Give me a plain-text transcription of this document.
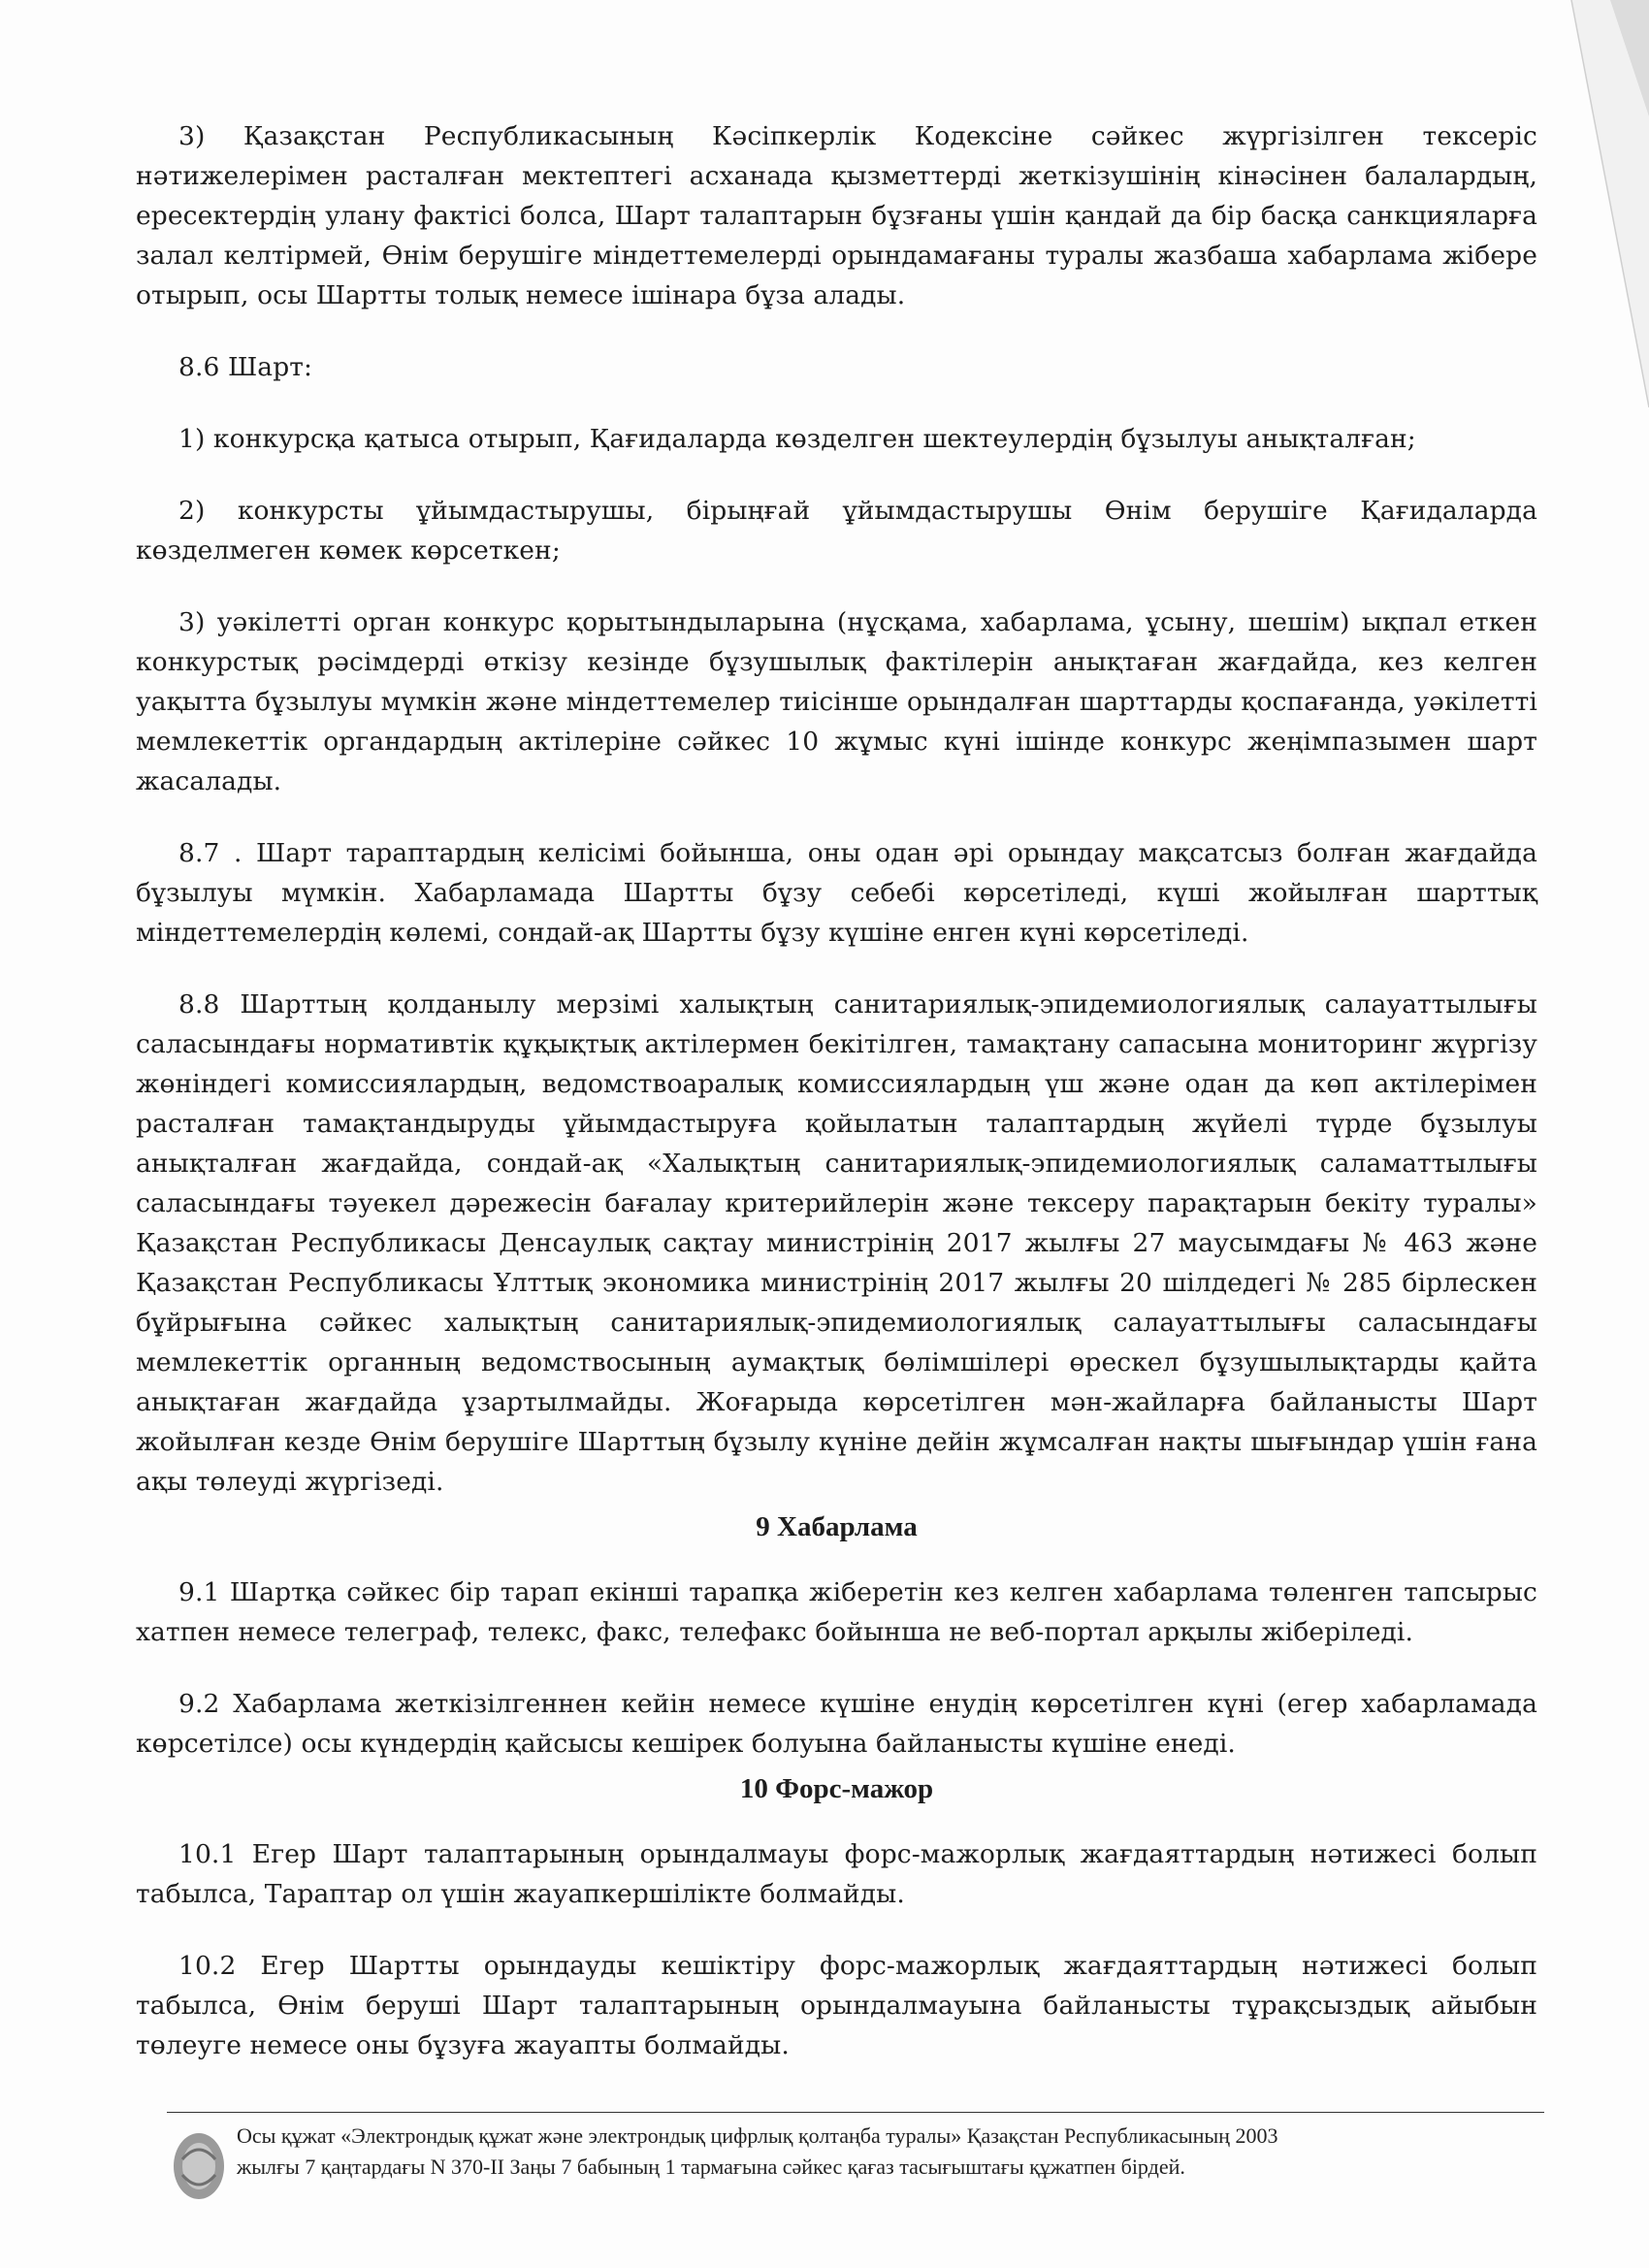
3) Қазақстан Республикасының Кәсіпкерлік Кодексіне сәйкес жүргізілген тексеріс нәтижелерімен расталған мектептегі асханада қызметтерді жеткізушінің кінәсінен балалардың, ересектердің улану фактісі болса, Шарт талаптарын бұзғаны үшін қандай да бір басқа санкцияларға залал келтірмей, Өнім берушіге міндеттемелерді орындамағаны туралы жазбаша хабарлама жібере отырып, осы Шартты толық немесе ішінара бұза алады.

8.6 Шарт:

1) конкурсқа қатыса отырып, Қағидаларда көзделген шектеулердің бұзылуы анықталған;

2) конкурсты ұйымдастырушы, бірыңғай ұйымдастырушы Өнім берушіге Қағидаларда көзделмеген көмек көрсеткен;

3) уәкілетті орган конкурс қорытындыларына (нұсқама, хабарлама, ұсыну, шешім) ықпал еткен конкурстық рәсімдерді өткізу кезінде бұзушылық фактілерін анықтаған жағдайда, кез келген уақытта бұзылуы мүмкін және міндеттемелер тиісінше орындалған шарттарды қоспағанда, уәкілетті мемлекеттік органдардың актілеріне сәйкес 10 жұмыс күні ішінде конкурс жеңімпазымен шарт жасалады.

8.7 . Шарт тараптардың келісімі бойынша, оны одан әрі орындау мақсатсыз болған жағдайда бұзылуы мүмкін. Хабарламада Шартты бұзу себебі көрсетіледі, күші жойылған шарттық міндеттемелердің көлемі, сондай-ақ Шартты бұзу күшіне енген күні көрсетіледі.

8.8 Шарттың қолданылу мерзімі халықтың санитариялық-эпидемиологиялық салауаттылығы саласындағы нормативтік құқықтық актілермен бекітілген, тамақтану сапасына мониторинг жүргізу жөніндегі комиссиялардың, ведомствоаралық комиссиялардың үш және одан да көп актілерімен расталған тамақтандыруды ұйымдастыруға қойылатын талаптардың жүйелі түрде бұзылуы анықталған жағдайда, сондай-ақ «Халықтың санитариялық-эпидемиологиялық саламаттылығы саласындағы тәуекел дәрежесін бағалау критерийлерін және тексеру парақтарын бекіту туралы» Қазақстан Республикасы Денсаулық сақтау министрінің 2017 жылғы 27 маусымдағы № 463 және Қазақстан Республикасы Ұлттық экономика министрінің 2017 жылғы 20 шілдедегі № 285 бірлескен бұйрығына сәйкес халықтың санитариялық-эпидемиологиялық салауаттылығы саласындағы мемлекеттік органның ведомствосының аумақтық бөлімшілері өрескел бұзушылықтарды қайта анықтаған жағдайда ұзартылмайды. Жоғарыда көрсетілген мән-жайларға байланысты Шарт жойылған кезде Өнім берушіге Шарттың бұзылу күніне дейін жұмсалған нақты шығындар үшін ғана ақы төлеуді жүргізеді.

9 Хабарлама

9.1 Шартқа сәйкес бір тарап екінші тарапқа жіберетін кез келген хабарлама төленген тапсырыс хатпен немесе телеграф, телекс, факс, телефакс бойынша не веб-портал арқылы жіберіледі.

9.2 Хабарлама жеткізілгеннен кейін немесе күшіне енудің көрсетілген күні (егер хабарламада көрсетілсе) осы күндердің қайсысы кешірек болуына байланысты күшіне енеді.

10 Форс-мажор

10.1 Егер Шарт талаптарының орындалмауы форс-мажорлық жағдаяттардың нәтижесі болып табылса, Тараптар ол үшін жауапкершілікте болмайды.

10.2 Егер Шартты орындауды кешіктіру форс-мажорлық жағдаяттардың нәтижесі болып табылса, Өнім беруші Шарт талаптарының орындалмауына байланысты тұрақсыздық айыбын төлеуге немесе оны бұзуға жауапты болмайды.

Осы құжат «Электрондық құжат және электрондық цифрлық қолтаңба туралы» Қазақстан Республикасының 2003 жылғы 7 қаңтардағы N 370-II Заңы 7 бабының 1 тармағына сәйкес қағаз тасығыштағы құжатпен бірдей.
